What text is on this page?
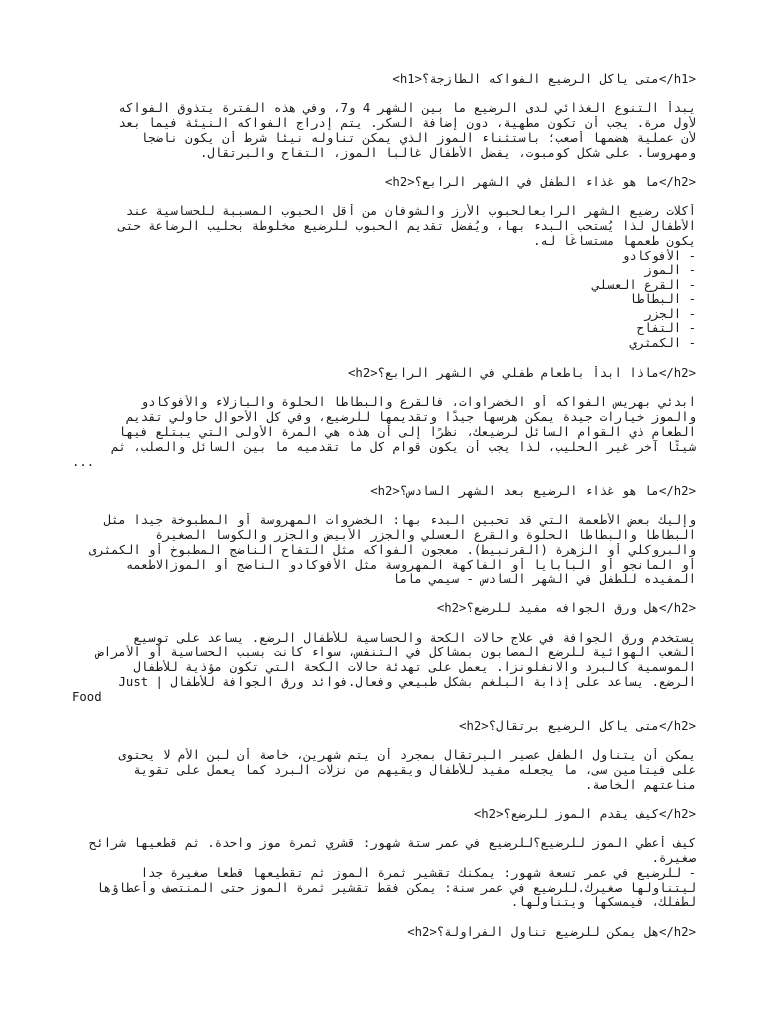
<h1>متى ياكل الرضيع الفواكه الطازجة؟</h1>
يبدأ التنوع الغذائي لدى الرضيع ما بين الشهر 4 و7، وفي هذه الفترة يتذوق الفواكه
لأول مرة. يجب أن تكون مطهية، دون إضافة السكر. يتم إدراج الفواكه النيئة فيما بعد
لأن عملية هضمها أصعب؛ باستثناء الموز الذي يمكن تناوله نيئا شرط أن يكون ناضجا
ومهروسا. على شكل كومبوت، يفضل الأطفال غالبا الموز، التفاح والبرتقال.
<h2>ما هو غذاء الطفل في الشهر الرابع؟</h2>
أكلات رضيع الشهر الرابعالحبوب الأرز والشوفان من أقل الحبوب المسببة للحساسية عند
الأطفال لذا يُستحب البدء بها، ويُفضل تقديم الحبوب للرضيع مخلوطة بحليب الرضاعة حتى
يكون طعمها مستساغًا له.
- الأفوكادو
- الموز
- القرع العسلي
- البطاطا
- الجزر
- التفاح
- الكمثري
<h2>ماذا ابدأ باطعام طفلي في الشهر الرابع؟</h2>
ابدئي بهريس الفواكه أو الخضراوات، فالقرع والبطاطا الحلوة والبازلاء والأفوكادو
والموز خيارات جيدة يمكن هرسها جيدًا وتقديمها للرضيع، وفي كل الأحوال حاولي تقديم
الطعام ذي القوام السائل لرضيعك، نظرًا إلى أن هذه هي المرة الأولى التي يبتلع فيها
شيئًا آخر غير الحليب، لذا يجب أن يكون قوام كل ما تقدميه ما بين السائل والصلب، ثم
...
<h2>ما هو غذاء الرضيع بعد الشهر السادس؟</h2>
وإليك بعض الأطعمة التي قد تحبين البدء بها: الخضروات المهروسة أو المطبوخة جيدا مثل
البطاطا والبطاطا الحلوة والقرع العسلي والجزر الأبيض والجزر والكوسا الصغيرة
والبروكلي أو الزهرة (القرنبيط). معجون الفواكه مثل التفاح الناضج المطبوخ أو الكمثرى
أو المانجو أو البابايا أو الفاكهة المهروسة مثل الأفوكادو الناضج أو الموزالاطعمه
المفيده للطفل في الشهر السادس - سيمي ماما
<h2>هل ورق الجوافه مفيد للرضع؟</h2>
يستخدم ورق الجوافة في علاج حالات الكحة والحساسية للأطفال الرضع. يساعد على توسيع
الشعب الهوائية للرضع المصابون بمشاكل في التنفس، سواء كانت بسبب الحساسية أو الأمراض
الموسمية كالبرد والانفلونزا. يعمل على تهدئة حالات الكحة التي تكون مؤذية للأطفال
الرضع. يساعد على إذابة البلغم بشكل طبيعي وفعال.فوائد ورق الجوافة للأطفال | Just
Food
<h2>متى ياكل الرضيع برتقال؟</h2>
يمكن أن يتناول الطفل عصير البرتقال بمجرد أن يتم شهرين، خاصة أن لبن الأم لا يحتوى
على فيتامين سى، ما يجعله مفيد للأطفال ويقيهم من نزلات البرد كما يعمل على تقوية
مناعتهم الخاصة.
<h2>كيف يقدم الموز للرضع؟</h2>
كيف أعطي الموز للرضيع؟للرضيع في عمر ستة شهور: قشري ثمرة موز واحدة. ثم قطعيها شرائح
صغيرة.
- للرضيع في عمر تسعة شهور: يمكنك تقشير ثمرة الموز ثم تقطيعها قطعا صغيرة جدا
ليتناولها صغيرك.للرضيع في عمر سنة: يمكن فقط تقشير ثمرة الموز حتى المنتصف وأعطاؤها
لطفلك، فيمسكها ويتناولها.
<h2>هل يمكن للرضيع تناول الفراولة؟</h2>
